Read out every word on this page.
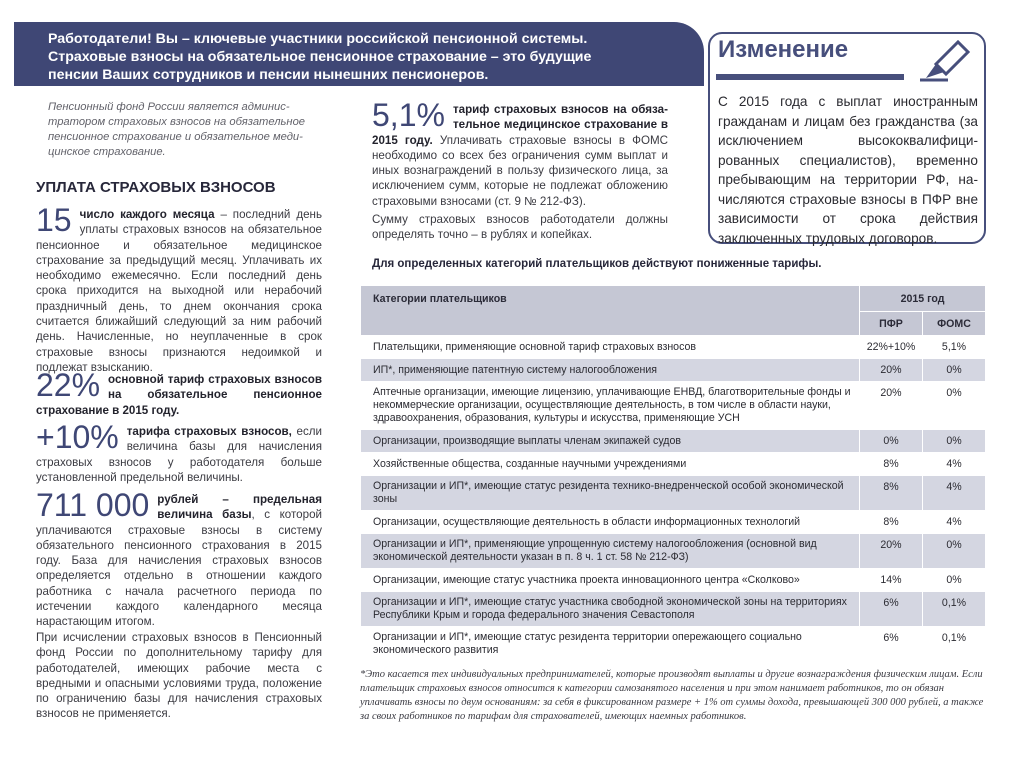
Работодатели! Вы – ключевые участники российской пенсионной системы.
Страховые взносы на обязательное пенсионное страхование – это будущие
пенсии Ваших сотрудников и пенсии нынешних пенсионеров.
Изменение
С 2015 года с выплат иностранным гражданам и лицам без гражданства (за исключением высококвалифицированных специалистов), временно пребывающим на территории РФ, начисляются страховые взносы в ПФР вне зависимости от срока действия заключенных трудовых договоров.
Пенсионный фонд России является администратором страховых взносов на обязательное пенсионное страхование и обязательное медицинское страхование.
УПЛАТА СТРАХОВЫХ ВЗНОСОВ
15 число каждого месяца – последний день уплаты страховых взносов на обязательное пенсионное и обязательное медицинское страхование за предыдущий месяц. Уплачивать их необходимо ежемесячно. Если последний день срока приходится на выходной или нерабочий праздничный день, то днем окончания срока считается ближайший следующий за ним рабочий день. Начисленные, но неуплаченные в срок страховые взносы признаются недоимкой и подлежат взысканию.
22% основной тариф страховых взносов на обязательное пенсионное страхование в 2015 году.
+10% тарифа страховых взносов, если величина базы для начисления страховых взносов у работодателя больше установленной предельной величины.
711 000 рублей – предельная величина базы, с которой уплачиваются страховые взносы в систему обязательного пенсионного страхования в 2015 году. База для начисления страховых взносов определяется отдельно в отношении каждого работника с начала расчетного периода по истечении каждого календарного месяца нарастающим итогом.
При исчислении страховых взносов в Пенсионный фонд России по дополнительному тарифу для работодателей, имеющих рабочие места с вредными и опасными условиями труда, положение по ограничению базы для начисления страховых взносов не применяется.
5,1% тариф страховых взносов на обязательное медицинское страхование в 2015 году. Уплачивать страховые взносы в ФОМС необходимо со всех без ограничения сумм выплат и иных вознаграждений в пользу физического лица, за исключением сумм, которые не подлежат обложению страховыми взносами (ст. 9 № 212-ФЗ).
Сумму страховых взносов работодатели должны определять точно – в рублях и копейках.
Для определенных категорий плательщиков действуют пониженные тарифы.
Категории плательщиков	2015 год	
	ПФР	ФОМС
Плательщики, применяющие основной тариф страховых взносов	22%+10%	5,1%
ИП*, применяющие патентную систему налогообложения	20%	0%
Аптечные организации, имеющие лицензию, уплачивающие ЕНВД, благотворительные фонды и некоммерческие организации, осуществляющие деятельность, в том числе в области науки, здравоохранения, образования, культуры и искусства, применяющие УСН	20%	0%
Организации, производящие выплаты членам экипажей судов	0%	0%
Хозяйственные общества, созданные научными учреждениями	8%	4%
Организации и ИП*, имеющие статус резидента технико-внедренческой особой экономической зоны	8%	4%
Организации, осуществляющие деятельность в области информационных технологий	8%	4%
Организации и ИП*, применяющие упрощенную систему налогообложения (основной вид экономической деятельности указан в п. 8 ч. 1 ст. 58 № 212-ФЗ)	20%	0%
Организации, имеющие статус участника проекта инновационного центра «Сколково»	14%	0%
Организации и ИП*, имеющие статус участника свободной экономической зоны на территориях Республики Крым и города федерального значения Севастополя	6%	0,1%
Организации и ИП*, имеющие статус резидента территории опережающего социально экономического развития	6%	0,1%
*Это касается тех индивидуальных предпринимателей, которые производят выплаты и другие вознаграждения физическим лицам. Если плательщик страховых взносов относится к категории самозанятого населения и при этом нанимает работников, то он обязан уплачивать взносы по двум основаниям: за себя в фиксированном размере + 1% от суммы дохода, превышающей 300 000 рублей, а также за своих работников по тарифам для страхователей, имеющих наемных работников.
